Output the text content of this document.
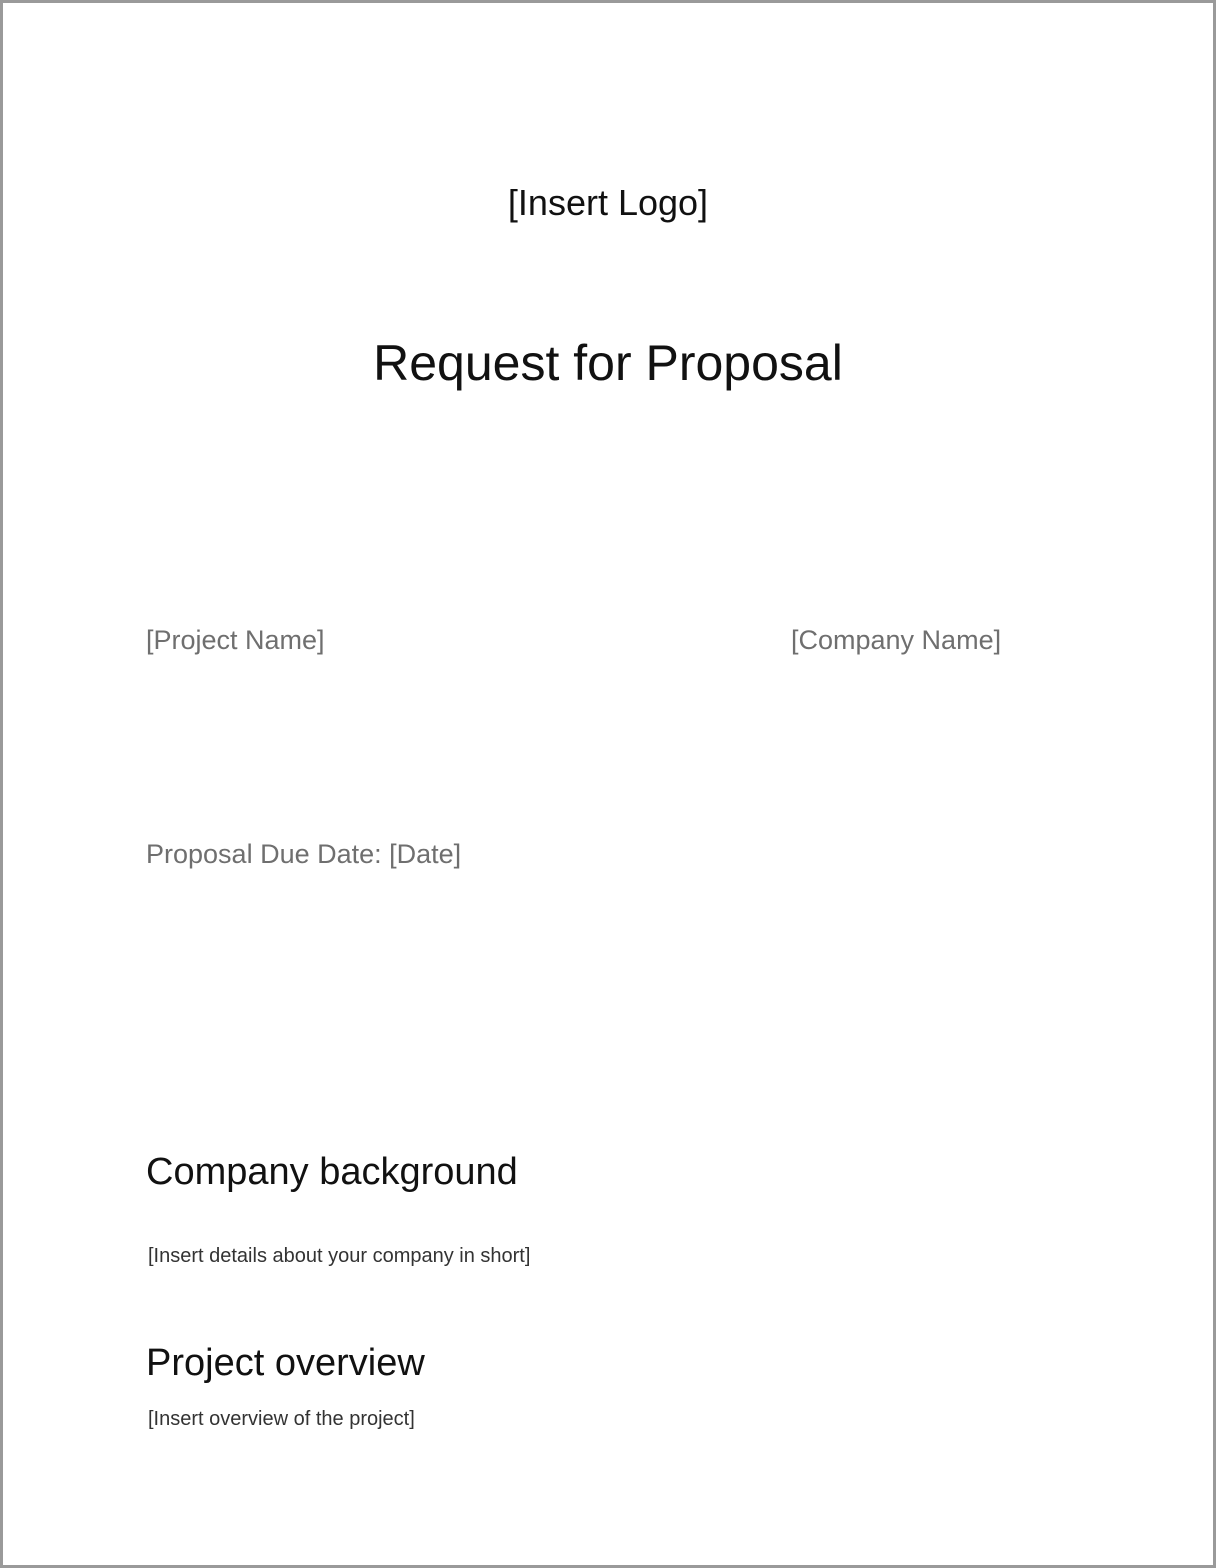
[Insert Logo]
Request for Proposal
[Project Name]	[Company Name]
Proposal Due Date: [Date]
Company background
[Insert details about your company in short]
Project overview
[Insert overview of the project]
